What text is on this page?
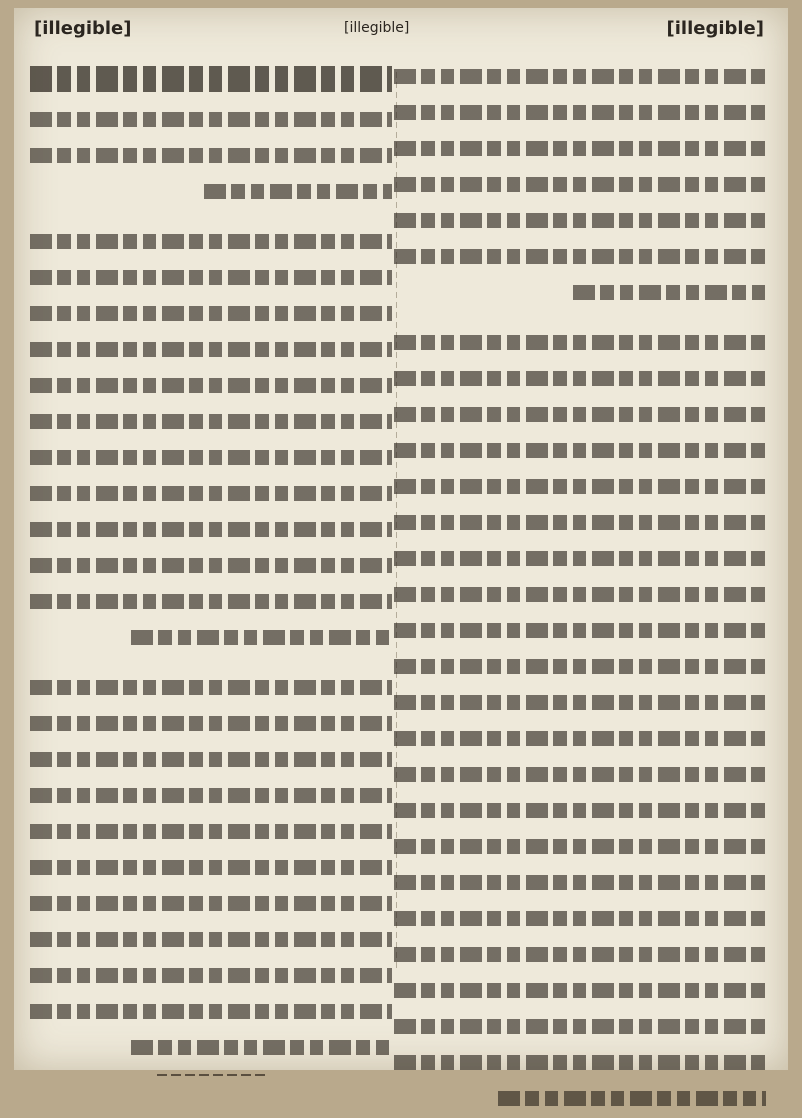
[illegible]
[illegible]
[illegible]
